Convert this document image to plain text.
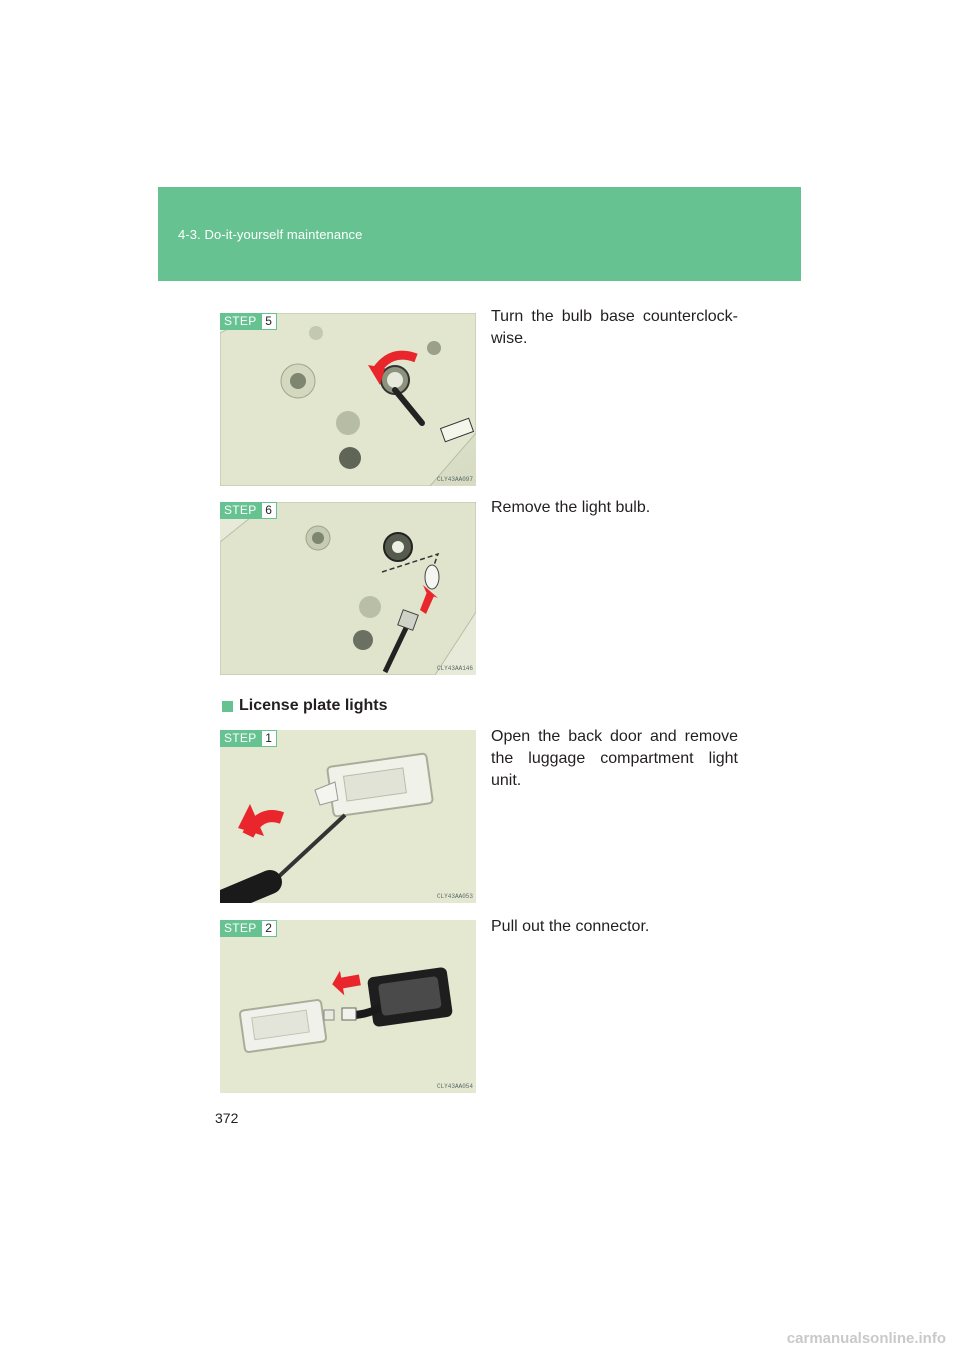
4-3. Do-it-yourself maintenance
STEP 5
CLY43AA097
Turn the bulb base counterclock-wise.
STEP 6
CLY43AA146
Remove the light bulb.
License plate lights
STEP 1
CLY43AA053
Open the back door and remove the luggage compartment light unit.
STEP 2
CLY43AA054
Pull out the connector.
372
carmanualsonline.info
